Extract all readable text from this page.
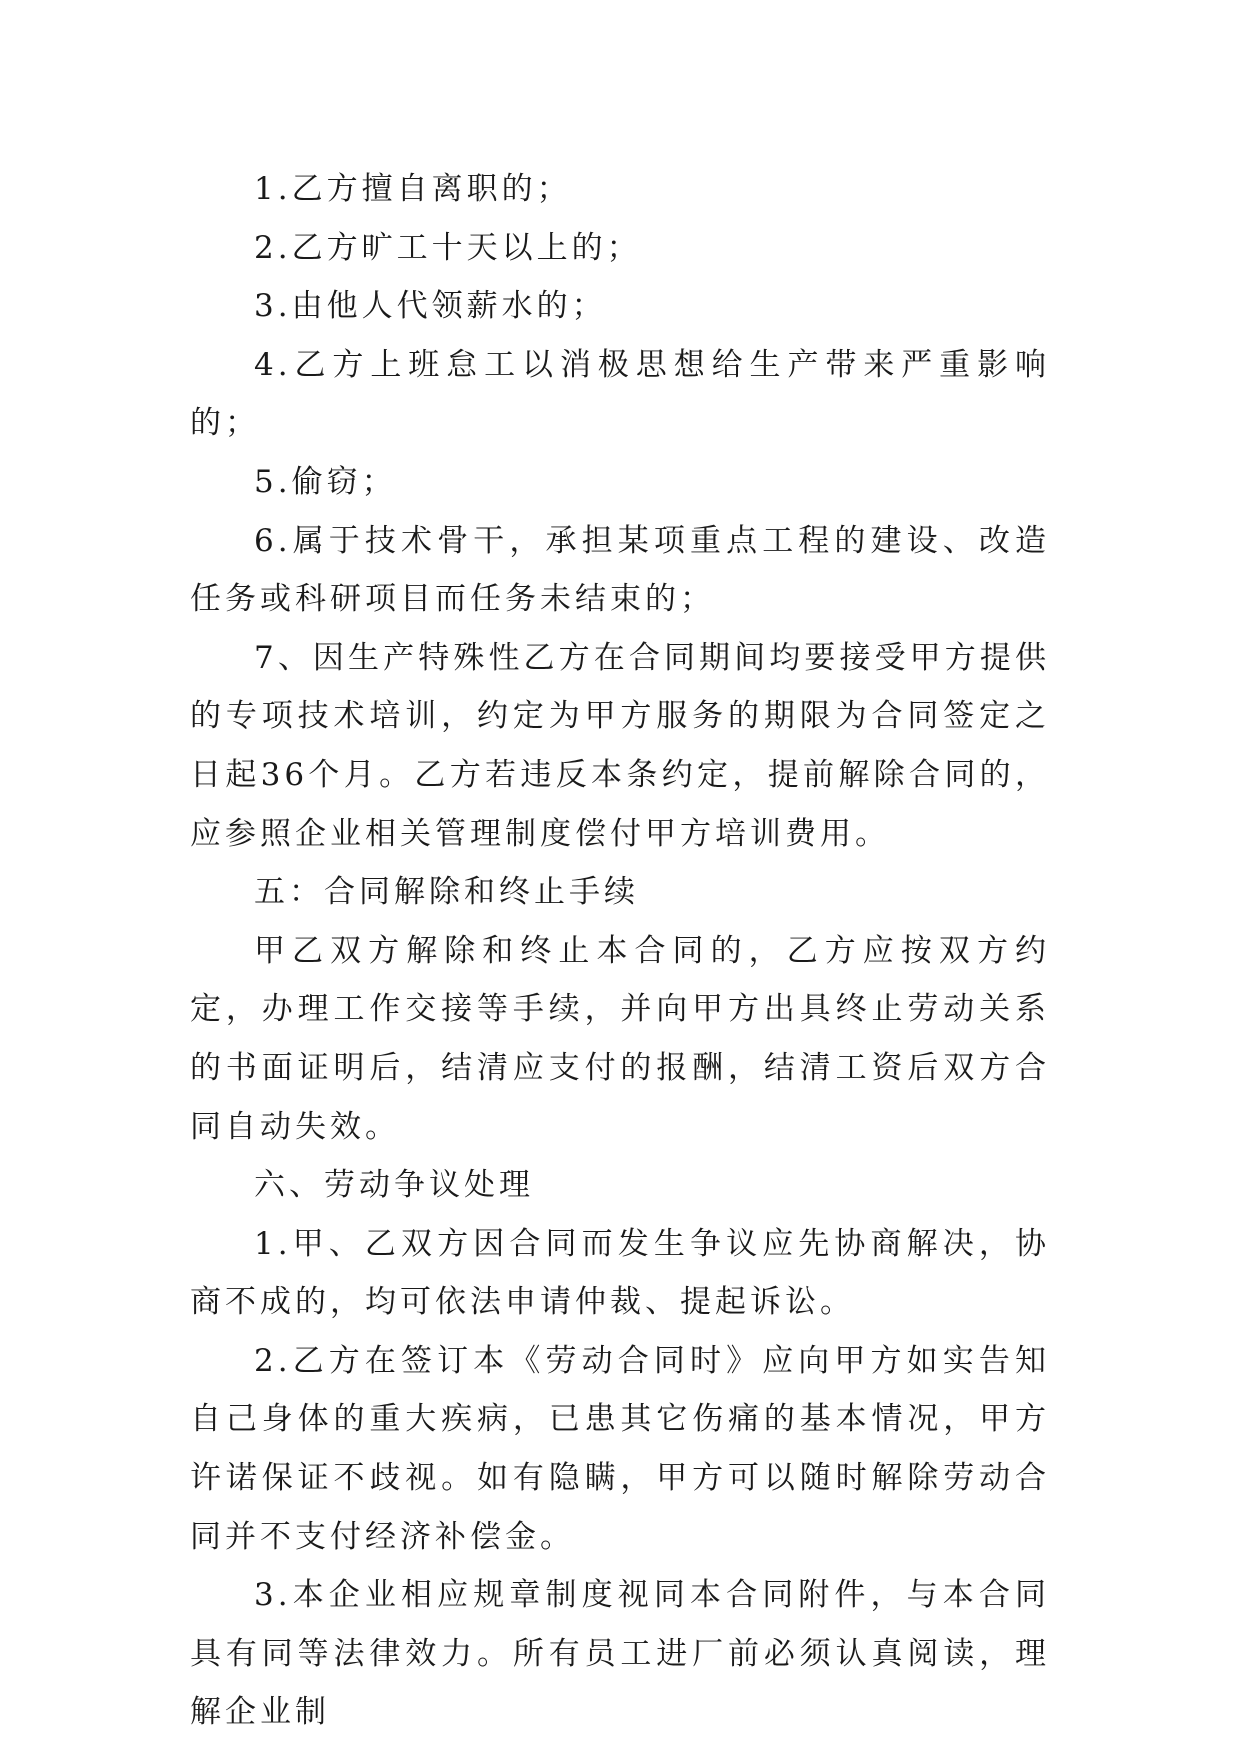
1.乙方擅自离职的；

2.乙方旷工十天以上的；

3.由他人代领薪水的；

4.乙方上班怠工以消极思想给生产带来严重影响的；

5.偷窃；

6.属于技术骨干，承担某项重点工程的建设、改造任务或科研项目而任务未结束的；

7、因生产特殊性乙方在合同期间均要接受甲方提供的专项技术培训，约定为甲方服务的期限为合同签定之日起36个月。乙方若违反本条约定，提前解除合同的，应参照企业相关管理制度偿付甲方培训费用。

五：合同解除和终止手续

甲乙双方解除和终止本合同的，乙方应按双方约定，办理工作交接等手续，并向甲方出具终止劳动关系的书面证明后，结清应支付的报酬，结清工资后双方合同自动失效。

六、劳动争议处理

1.甲、乙双方因合同而发生争议应先协商解决，协商不成的，均可依法申请仲裁、提起诉讼。

2.乙方在签订本《劳动合同时》应向甲方如实告知自己身体的重大疾病，已患其它伤痛的基本情况，甲方许诺保证不歧视。如有隐瞒，甲方可以随时解除劳动合同并不支付经济补偿金。

3.本企业相应规章制度视同本合同附件，与本合同具有同等法律效力。所有员工进厂前必须认真阅读，理解企业制
